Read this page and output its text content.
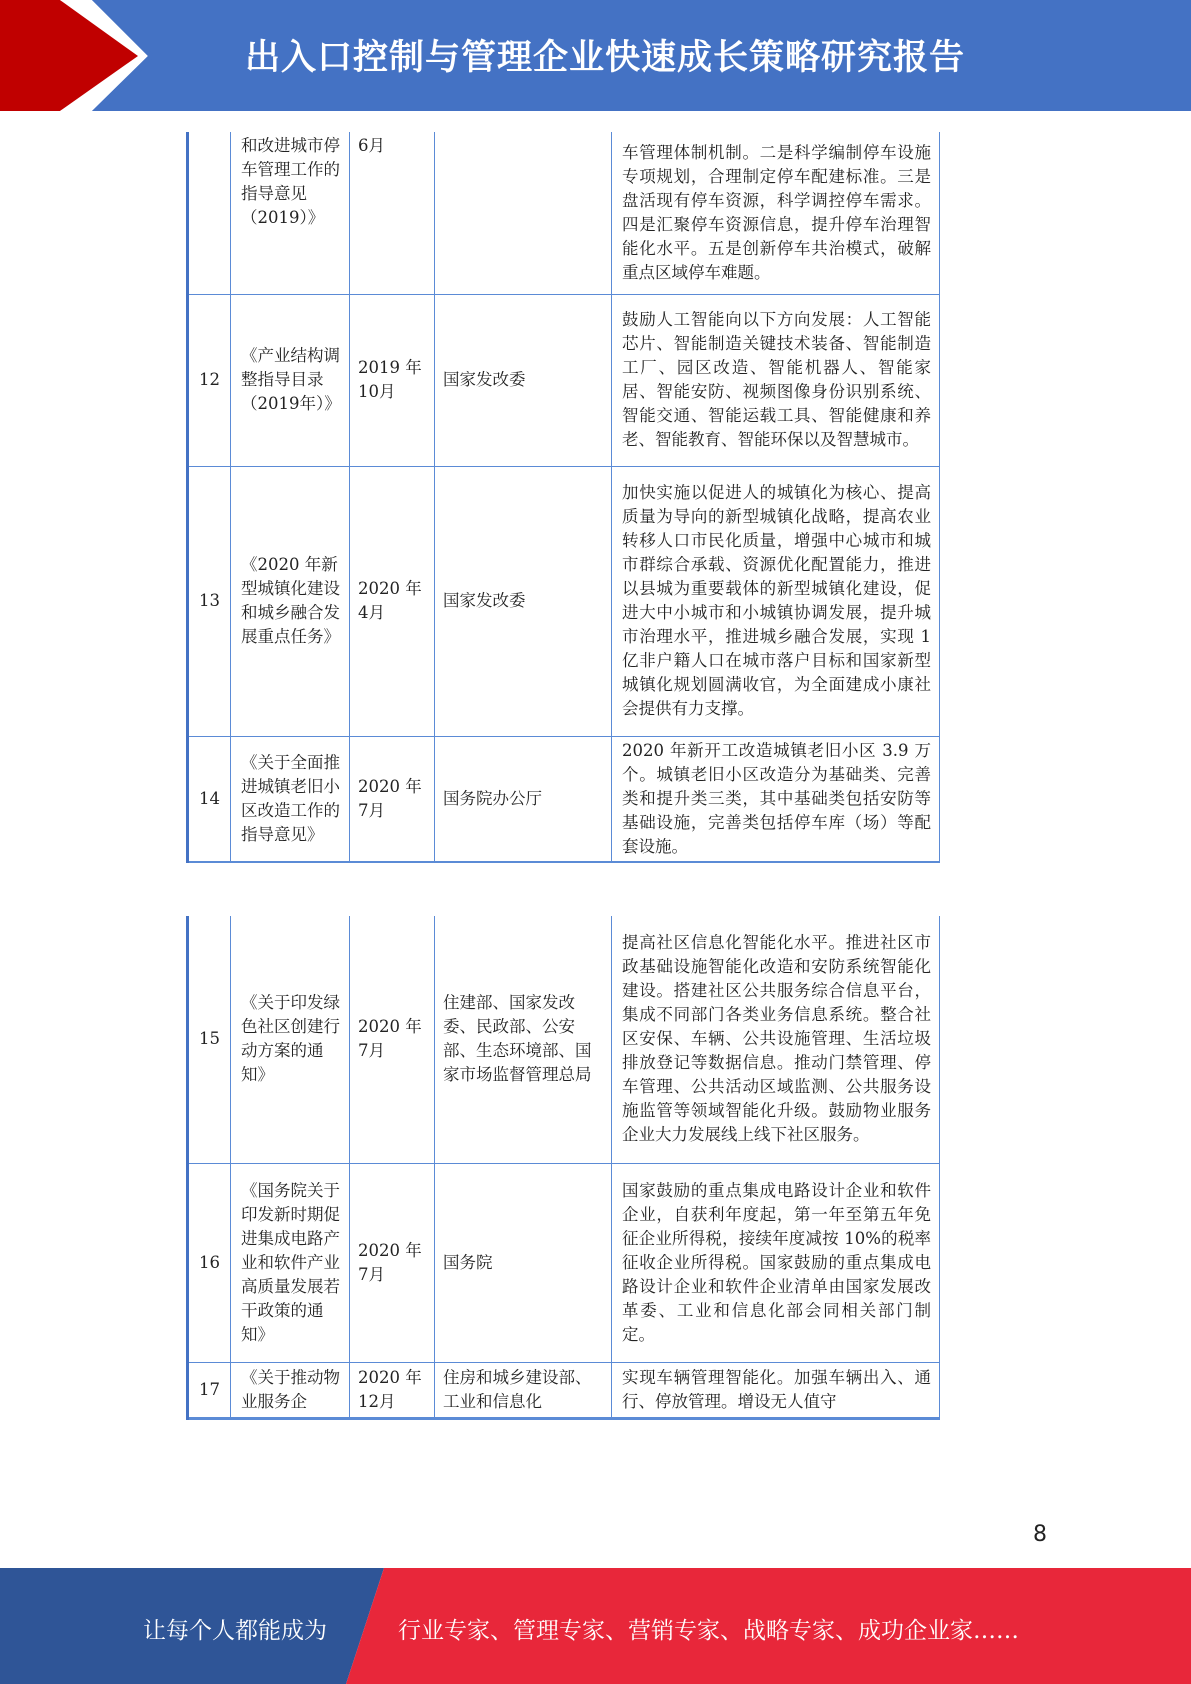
出入口控制与管理企业快速成长策略研究报告
	和改进城市停车管理工作的指导意见（2019）》	6月		车管理体制机制。二是科学编制停车设施专项规划，合理制定停车配建标准。三是盘活现有停车资源，科学调控停车需求。四是汇聚停车资源信息，提升停车治理智能化水平。五是创新停车共治模式，破解重点区域停车难题。
12	《产业结构调整指导目录（2019年）》	2019 年10月	国家发改委	鼓励人工智能向以下方向发展：人工智能芯片、智能制造关键技术装备、智能制造工厂、园区改造、智能机器人、智能家居、智能安防、视频图像身份识别系统、智能交通、智能运载工具、智能健康和养老、智能教育、智能环保以及智慧城市。
13	《2020 年新型城镇化建设和城乡融合发展重点任务》	2020 年4月	国家发改委	加快实施以促进人的城镇化为核心、提高质量为导向的新型城镇化战略，提高农业转移人口市民化质量，增强中心城市和城市群综合承载、资源优化配置能力，推进以县城为重要载体的新型城镇化建设，促进大中小城市和小城镇协调发展，提升城市治理水平，推进城乡融合发展，实现 1 亿非户籍人口在城市落户目标和国家新型城镇化规划圆满收官，为全面建成小康社会提供有力支撑。
14	《关于全面推进城镇老旧小区改造工作的指导意见》	2020 年7月	国务院办公厅	2020 年新开工改造城镇老旧小区 3.9 万个。城镇老旧小区改造分为基础类、完善类和提升类三类，其中基础类包括安防等基础设施，完善类包括停车库（场）等配套设施。
15	《关于印发绿色社区创建行动方案的通知》	2020 年7月	住建部、国家发改委、民政部、公安部、生态环境部、国家市场监督管理总局	提高社区信息化智能化水平。推进社区市政基础设施智能化改造和安防系统智能化建设。搭建社区公共服务综合信息平台，集成不同部门各类业务信息系统。整合社区安保、车辆、公共设施管理、生活垃圾排放登记等数据信息。推动门禁管理、停车管理、公共活动区域监测、公共服务设施监管等领域智能化升级。鼓励物业服务企业大力发展线上线下社区服务。
16	《国务院关于印发新时期促进集成电路产业和软件产业高质量发展若干政策的通知》	2020 年7月	国务院	国家鼓励的重点集成电路设计企业和软件企业，自获利年度起，第一年至第五年免征企业所得税，接续年度减按 10%的税率征收企业所得税。国家鼓励的重点集成电路设计企业和软件企业清单由国家发展改革委、工业和信息化部会同相关部门制定。
17	《关于推动物业服务企	2020 年12月	住房和城乡建设部、工业和信息化	实现车辆管理智能化。加强车辆出入、通行、停放管理。增设无人值守
8
让每个人都能成为	行业专家、管理专家、营销专家、战略专家、成功企业家……
